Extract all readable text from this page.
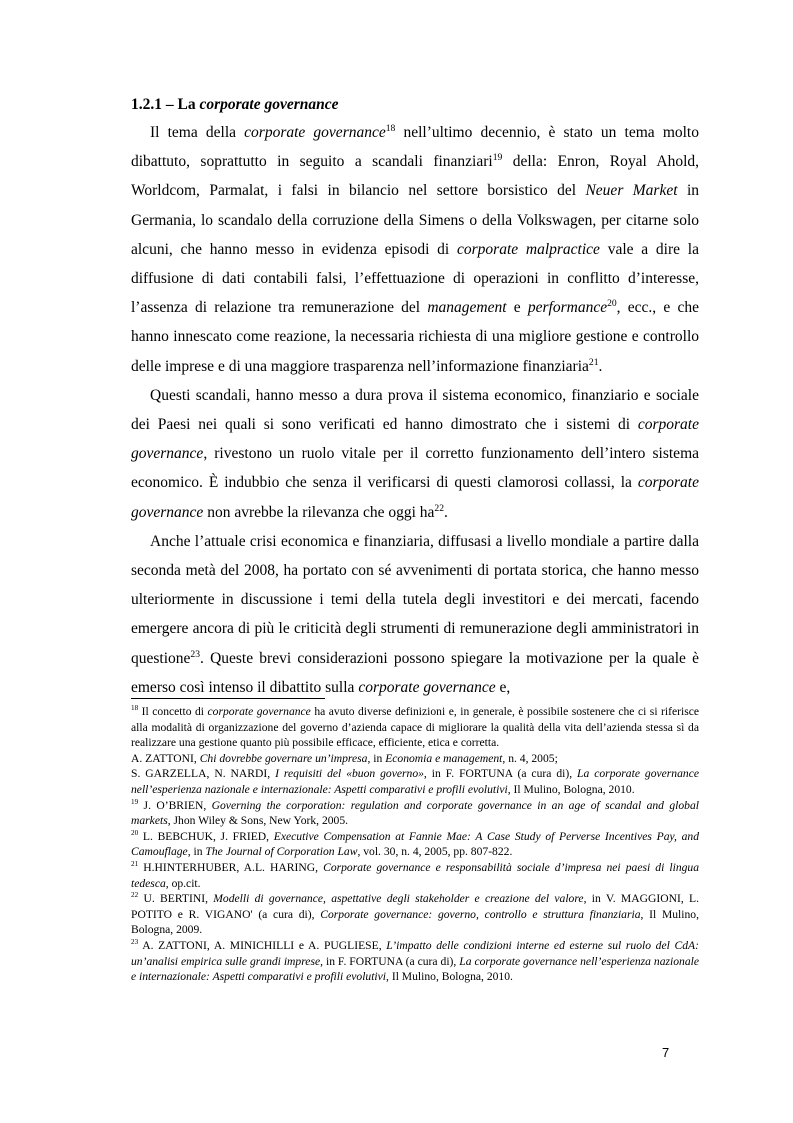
1.2.1 – La corporate governance

Il tema della corporate governance$^{18}$ nell’ultimo decennio, è stato un tema molto dibattuto, soprattutto in seguito a scandali finanziari$^{19}$ della: Enron, Royal Ahold, Worldcom, Parmalat, i falsi in bilancio nel settore borsistico del Neuer Market in Germania, lo scandalo della corruzione della Simens o della Volkswagen, per citarne solo alcuni, che hanno messo in evidenza episodi di corporate malpractice vale a dire la diffusione di dati contabili falsi, l’effettuazione di operazioni in conflitto d’interesse, l’assenza di relazione tra remunerazione del management e performance$^{20}$, ecc., e che hanno innescato come reazione, la necessaria richiesta di una migliore gestione e controllo delle imprese e di una maggiore trasparenza nell’informazione finanziaria$^{21}$.

Questi scandali, hanno messo a dura prova il sistema economico, finanziario e sociale dei Paesi nei quali si sono verificati ed hanno dimostrato che i sistemi di corporate governance, rivestono un ruolo vitale per il corretto funzionamento dell’intero sistema economico. È indubbio che senza il verificarsi di questi clamorosi collassi, la corporate governance non avrebbe la rilevanza che oggi $ha^{22}$.

Anche l’attuale crisi economica e finanziaria, diffusasi a livello mondiale a partire dalla seconda metà del 2008, ha portato con sé avvenimenti di portata storica, che hanno messo ulteriormente in discussione i temi della tutela degli investitori e dei mercati, facendo emergere ancora di più le criticità degli strumenti di remunerazione degli amministratori in questione$^{23}$. Queste brevi considerazioni possono spiegare la motivazione per la quale è emerso così intenso il dibattito sulla corporate governance e,

$^{18}$ Il concetto di corporate governance ha avuto diverse definizioni e, in generale, è possibile sostenere che ci si riferisce alla modalità di organizzazione del governo d’azienda capace di migliorare la qualità della vita dell’azienda stessa sì da realizzare una gestione quanto più possibile efficace, efficiente, etica e corretta.

A. ZATTONI, Chi dovrebbe governare un’impresa, in Economia e management, n. 4, 2005;

S. GARZELLA, N. NARDI, I requisiti del «buon governo», in F. FORTUNA (a cura di), La corporate governance nell’esperienza nazionale e internazionale: Aspetti comparativi e profili evolutivi, Il Mulino, Bologna, 2010.

$^{19}$ J. O’BRIEN, Governing the corporation: regulation and corporate governance in an age of scandal and global markets, Jhon Wiley & Sons, New York, 2005.

$^{20}$ L. BEBCHUK, J. FRIED, Executive Compensation at Fannie Mae: A Case Study of Perverse Incentives Pay, and Camouflage, in The Journal of Corporation Law, vol. 30, n. 4, 2005, pp. 807-822.

$^{21}$ H.HINTERHUBER, A.L. HARING, Corporate governance e responsabilità sociale d’impresa nei paesi di lingua tedesca, op.cit.

$^{22}$ U. BERTINI, Modelli di governance, aspettative degli stakeholder e creazione del valore, in V. MAGGIONI, L. POTITO e R. VIGANO' (a cura di), Corporate governance: governo, controllo e struttura finanziaria, Il Mulino, Bologna, 2009.

$^{23}$ A. ZATTONI, A. MINICHILLI e A. PUGLIESE, L’impatto delle condizioni interne ed esterne sul ruolo del CdA: un’analisi empirica sulle grandi imprese, in F. FORTUNA (a cura di), La corporate governance nell’esperienza nazionale e internazionale: Aspetti comparativi e profili evolutivi, Il Mulino, Bologna, 2010.

7
